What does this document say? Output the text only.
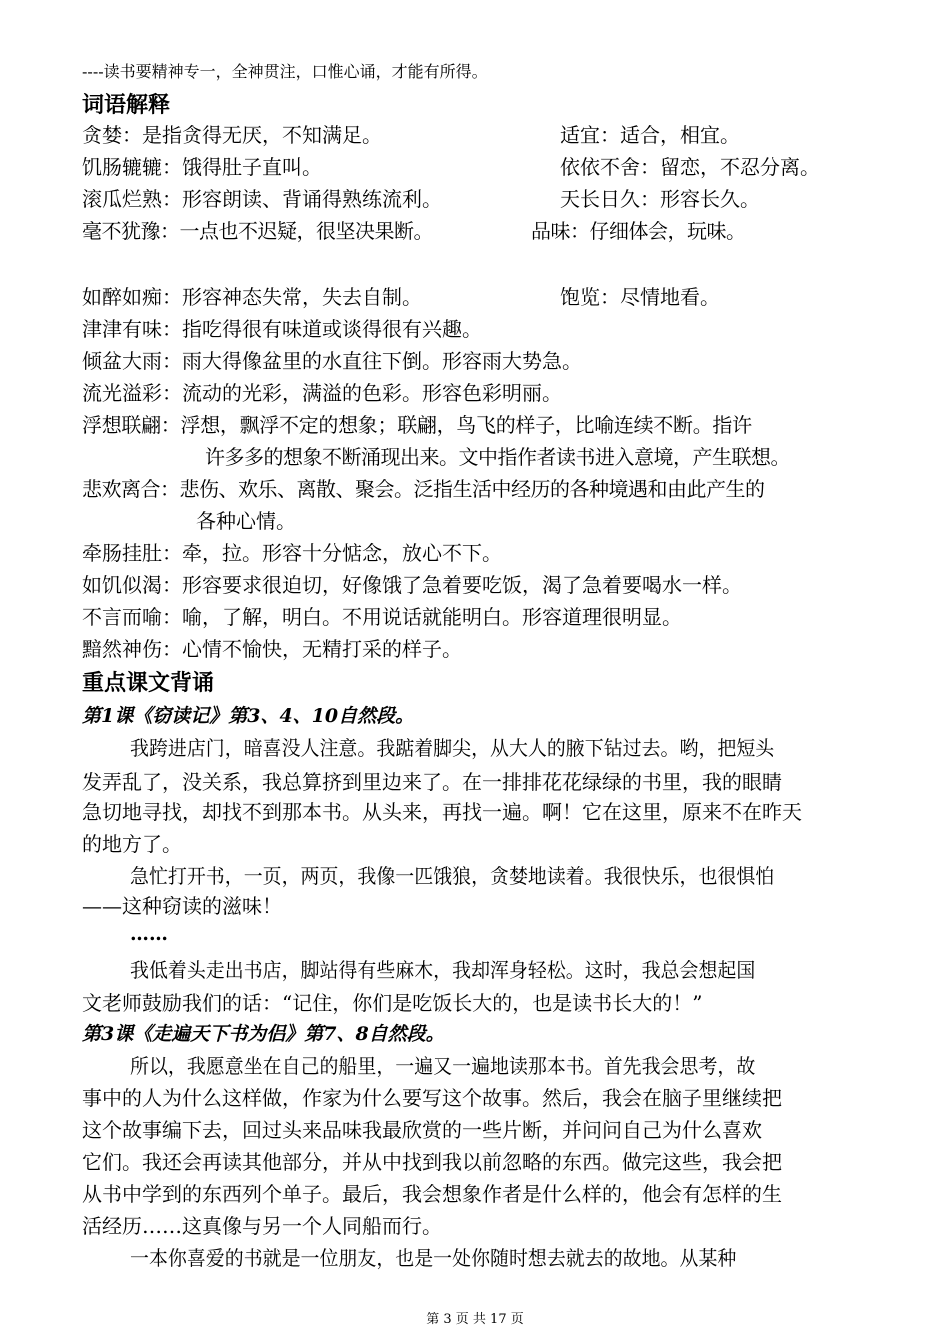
----读书要精神专一，全神贯注，口惟心诵，才能有所得。
词语解释
贪婪：是指贪得无厌，不知满足。	适宜：适合，相宜。
饥肠辘辘：饿得肚子直叫。	依依不舍：留恋，不忍分离。
滚瓜烂熟：形容朗读、背诵得熟练流利。	天长日久：形容长久。
毫不犹豫：一点也不迟疑，很坚决果断。	品味：仔细体会，玩味。
如醉如痴：形容神态失常，失去自制。	饱览：尽情地看。
津津有味：指吃得很有味道或谈得很有兴趣。
倾盆大雨：雨大得像盆里的水直往下倒。形容雨大势急。
流光溢彩：流动的光彩，满溢的色彩。形容色彩明丽。
浮想联翩：浮想，飘浮不定的想象；联翩，鸟飞的样子，比喻连续不断。指许
许多多的想象不断涌现出来。文中指作者读书进入意境，产生联想。
悲欢离合：悲伤、欢乐、离散、聚会。泛指生活中经历的各种境遇和由此产生的
各种心情。
牵肠挂肚：牵，拉。形容十分惦念，放心不下。
如饥似渴：形容要求很迫切，好像饿了急着要吃饭，渴了急着要喝水一样。
不言而喻：喻，了解，明白。不用说话就能明白。形容道理很明显。
黯然神伤：心情不愉快，无精打采的样子。
重点课文背诵
第1课《窃读记》第3、4、10自然段。
我跨进店门，暗喜没人注意。我踮着脚尖，从大人的腋下钻过去。哟，把短头
发弄乱了，没关系，我总算挤到里边来了。在一排排花花绿绿的书里，我的眼睛
急切地寻找，却找不到那本书。从头来，再找一遍。啊！它在这里，原来不在昨天
的地方了。
急忙打开书，一页，两页，我像一匹饿狼，贪婪地读着。我很快乐，也很惧怕
——这种窃读的滋味！
……
我低着头走出书店，脚站得有些麻木，我却浑身轻松。这时，我总会想起国
文老师鼓励我们的话：“记住，你们是吃饭长大的，也是读书长大的！”
第3课《走遍天下书为侣》第7、8自然段。
所以，我愿意坐在自己的船里，一遍又一遍地读那本书。首先我会思考，故
事中的人为什么这样做，作家为什么要写这个故事。然后，我会在脑子里继续把
这个故事编下去，回过头来品味我最欣赏的一些片断，并问问自己为什么喜欢
它们。我还会再读其他部分，并从中找到我以前忽略的东西。做完这些，我会把
从书中学到的东西列个单子。最后，我会想象作者是什么样的，他会有怎样的生
活经历……这真像与另一个人同船而行。
一本你喜爱的书就是一位朋友，也是一处你随时想去就去的故地。从某种
第 3 页 共 17 页
